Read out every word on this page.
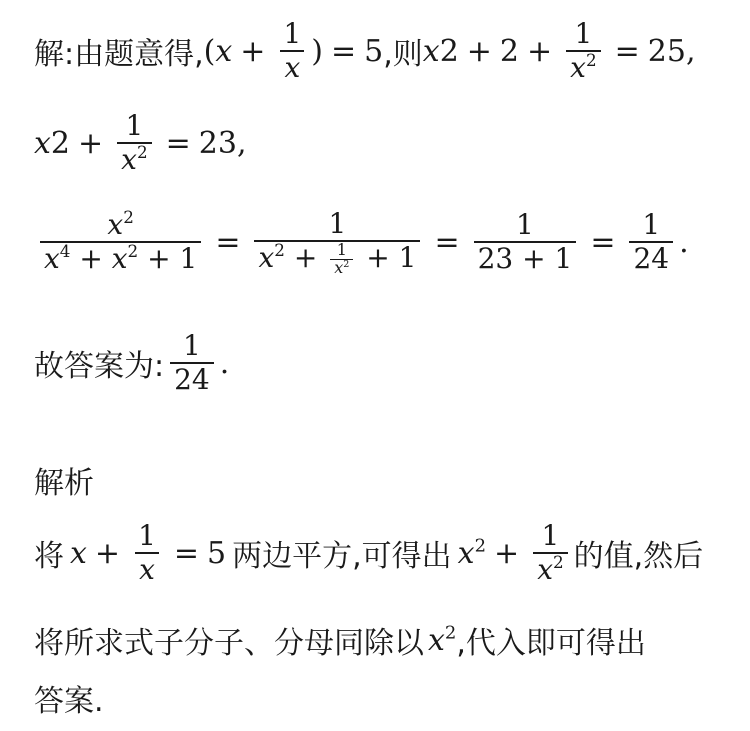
解:由题意得, ($x + \frac{1}{x}$ ) = 5 ,则 $x2 + 2 + \frac{1}{x^2} = 25$,
$x2 + \frac{1}{x^2} = 23$,
$\frac{x^2}{x^4 + x^2 + 1} = \frac{1}{x^2 + \frac{1}{x^2} + 1} = \frac{1}{23 + 1} = \frac{1}{24}$ .
故答案为: $\frac{1}{24}$ .
解析
将 $x + \frac{1}{x} = 5$ 两边平方,可得出 $x^2 + \frac{1}{x^2}$ 的值,然后
将所求式子分子、分母同除以 $x^2$ ,代入即可得出
答案.
